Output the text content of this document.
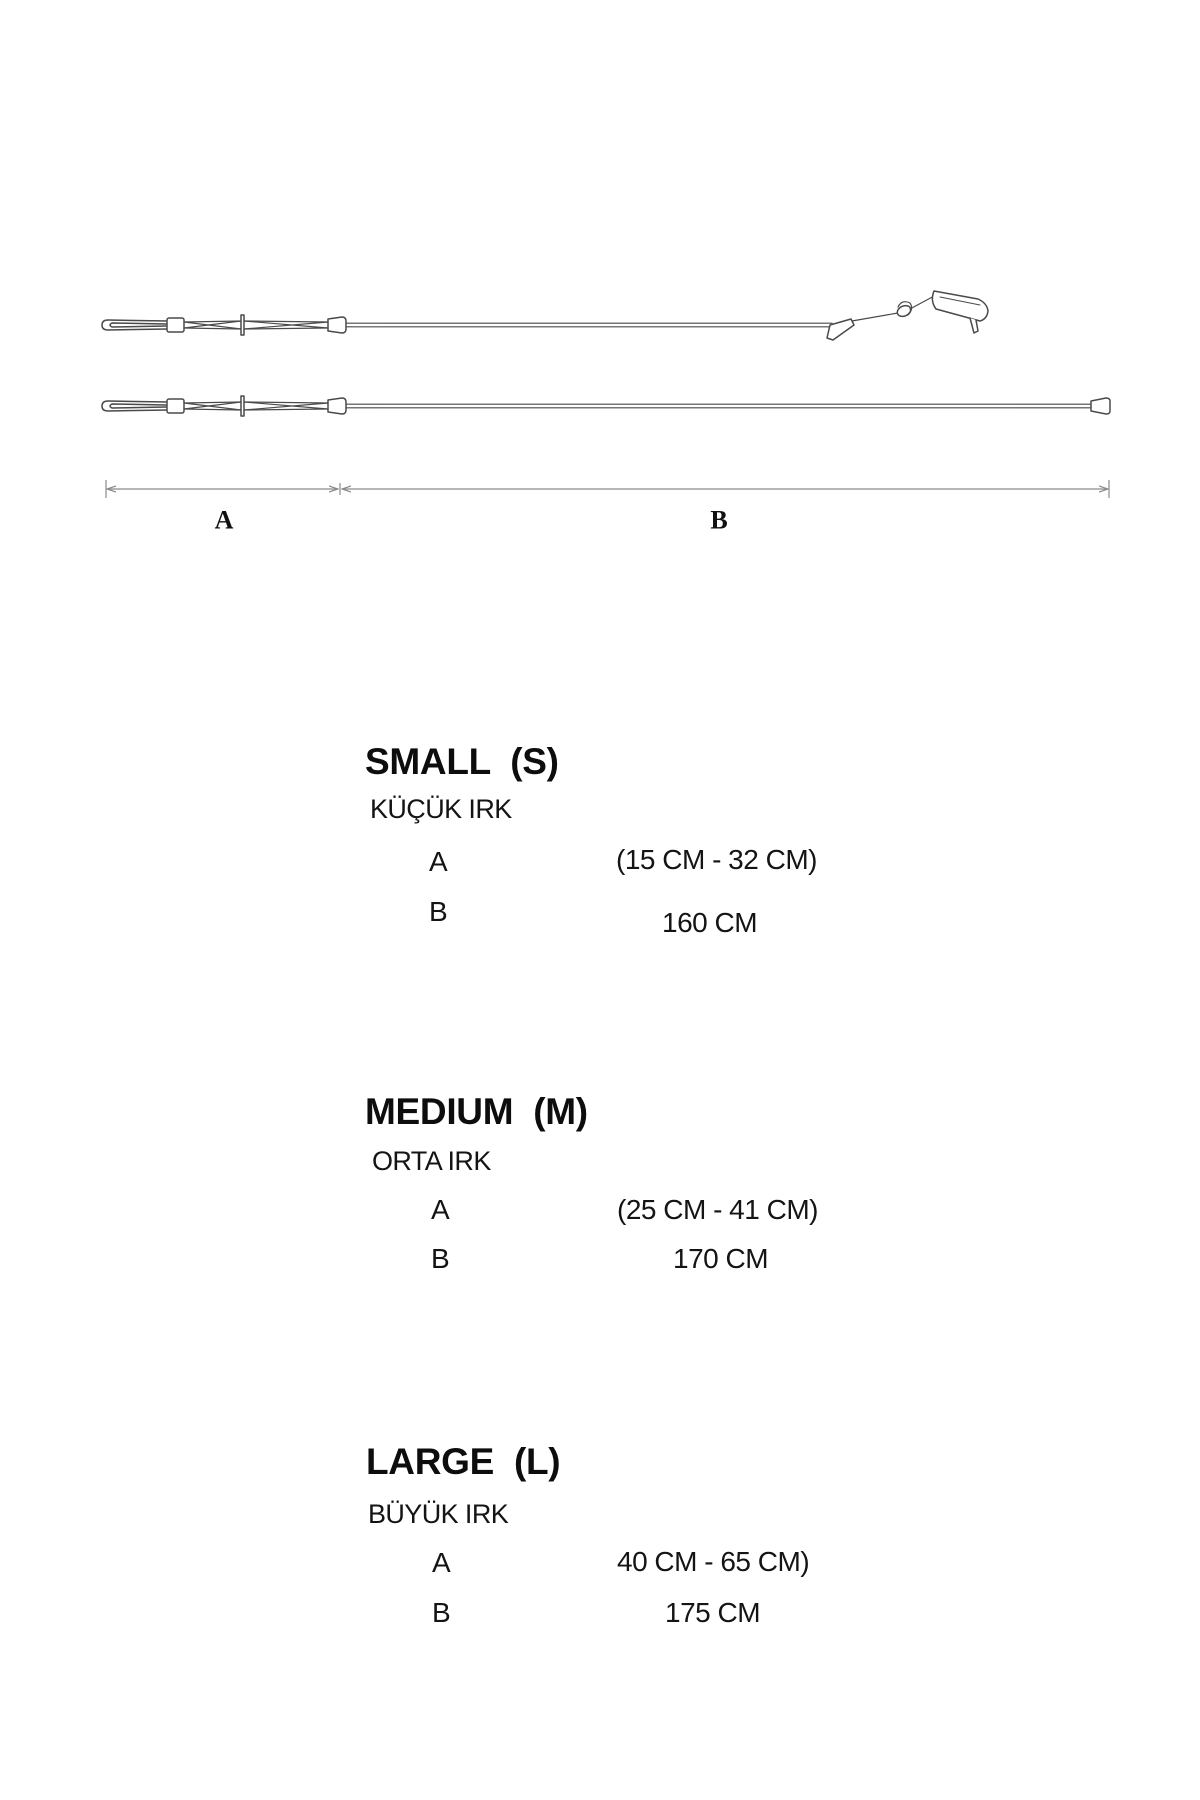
A	B
SMALL  (S)
KÜÇÜK IRK
A	(15 CM - 32 CM)
B	160 CM
MEDIUM  (M)
ORTA IRK
A	(25 CM - 41 CM)
B	170 CM
LARGE  (L)
BÜYÜK IRK
A	40 CM - 65 CM)
B	175 CM
